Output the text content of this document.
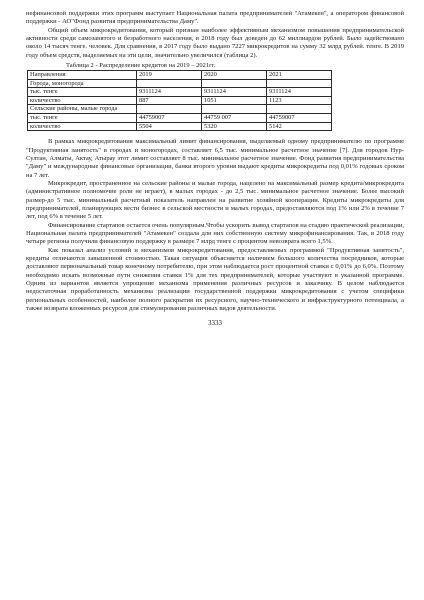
нефинансовой поддержки этих программ выступает Национальная палата предпринимателей "Атамекен", а оператором финансовой поддержки - АО"Фонд развития предпринимательства Даму".

Общий объем микрокредитования, который признан наиболее эффективным механизмом повышения предпринимательской активности среди самозанятого и безработного населения, в 2018 году был доведен до 62 миллиардов рублей. Было задействовано около 14 тысяч тенге. человек. Для сравнения, в 2017 году было выдано 7227 микрокредитов на сумму 32 млрд рублей. тенге. В 2019 году объем средств, выделяемых на эти цели, значительно увеличился (таблица 2).

Таблица 2 - Распределение кредитов на 2019 – 2021гг.

Направления	2019	2020	2021
Города, моногорода			
тыс. тенге	9311124	9311124	9311124
количество	887	1051	1123
Сельские районы, малые города			
тыс. тенге	44759007	44759 007	44759007
количество	5504	5320	5142

В рамках микрокредитования максимальный лимит финансирования, выделяемый одному предпринимателю по программе "Продуктивная занятость" в городах и моногородах, составляет 6,5 тыс. минимальное расчетное значение [7]. Для городов Нур-Султан, Алматы, Актау, Атырау этот лимит составляет 8 тыс. минимальное расчетное значение. Фонд развития предпринимательства "Даму" и международные финансовые организации, банки второго уровня выдают кредиты микрокредиты под 0,01% годовых сроком на 7 лет.

Микрокредит, пространенное на сельские районы и малые города, нацелено на максимальный размер кредита/микрокредита (административное полномочие роли не играет), в малых городах - до 2,5 тыс. минимальное расчетное значение. Более высокий размер-до 5 тыс. минимальный расчетный показатель направлен на развитие хозяйной кооперации. Кредиты микрокредиты для предпринимателей, планирующих вести бизнес в сельской местности и малых городах, предоставляются под 1% или 2% в течение 7 лет, под 6% в течение 5 лет.

Финансирование стартапов остается очень популярным.Чтобы ускорить вывод стартапов на стадию практической реализации, Национальная палата предпринимателей "Атамекен" создала для них собственную систему микрофинансирования. Так, в 2018 году четыре региона получили финансовую поддержку в размере 7 млрд тенге с процентом невозврата всего 1,5%.

Как показал анализ условий и механизмов микрокредитования, предоставляемых программой "Продуктивная занятость", кредиты отличаются завышенной стоимостью. Такая ситуация объясняется наличием большого количества посредников, которые доставляют первоначальный товар конечному потребителю, при этом наблюдается рост процентной ставки с 0,01% до 6,0%. Поэтому необходимо искать возможные пути снижения ставки 1% для тех предпринимателей, которые участвуют в указанной программе. Одним из вариантов является упрощение механизма применения различных ресурсов и заказчику. В целом наблюдается недостаточная проработанность механизма реализации государственной поддержки микрокредитования с учетом специфики региональных особенностей, наиболее полного раскрытия их ресурсного, научно-технического и инфраструктурного потенциала, а также возврата вложенных ресурсов для стимулирования различных видов деятельности.

3333
